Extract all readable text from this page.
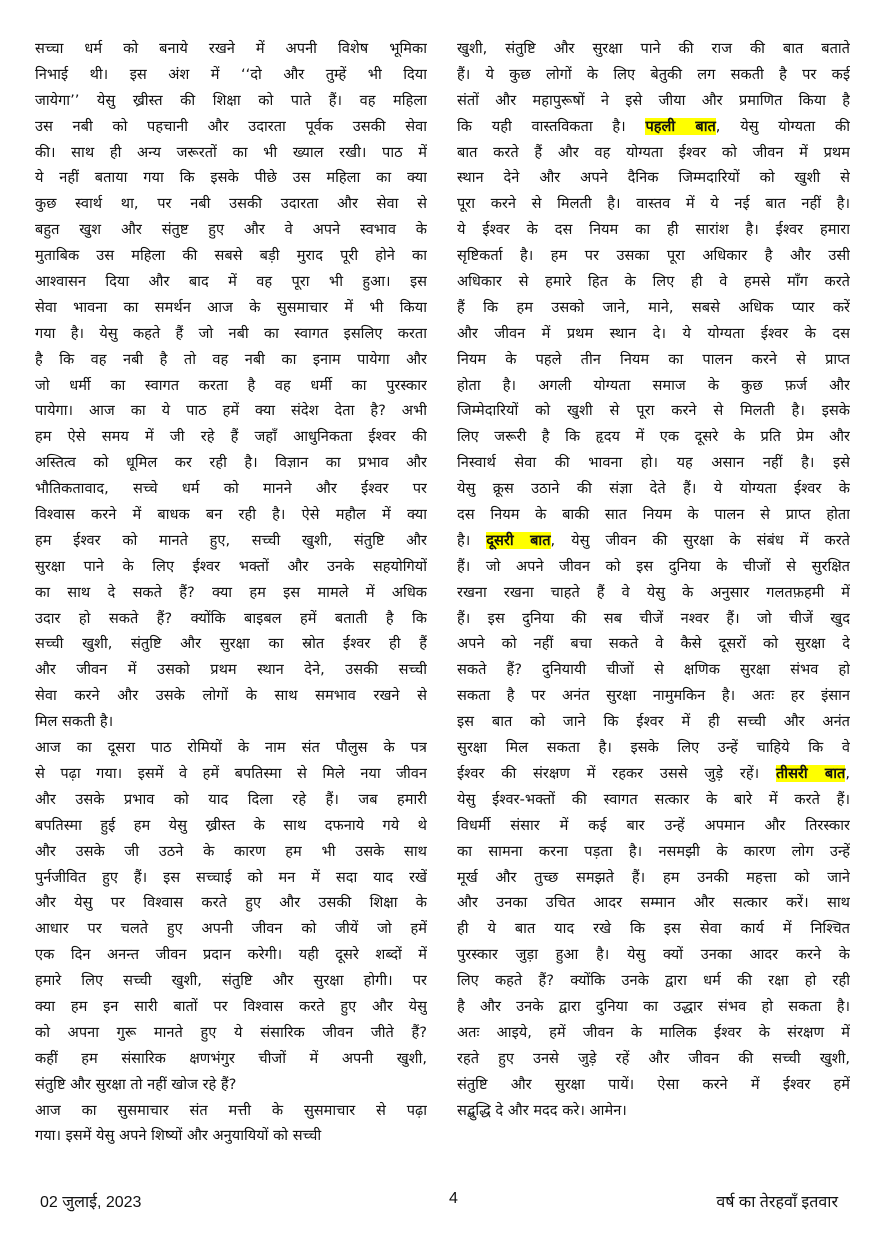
सच्चा धर्म को बनाये रखने में अपनी विशेष भूमिका
निभाई थी। इस अंश में ‘‘दो और तुम्हें भी दिया
जायेगा’’ येसु ख्रीस्त की शिक्षा को पाते हैं। वह महिला
उस नबी को पहचानी और उदारता पूर्वक उसकी सेवा
की। साथ ही अन्य जरूरतों का भी ख्याल रखी। पाठ में
ये नहीं बताया गया कि इसके पीछे उस महिला का क्या
कुछ स्वार्थ था, पर नबी उसकी उदारता और सेवा से
बहुत खुश और संतुष्ट हुए और वे अपने स्वभाव के
मुताबिक उस महिला की सबसे बड़ी मुराद पूरी होने का
आश्वासन दिया और बाद में वह पूरा भी हुआ। इस
सेवा भावना का समर्थन आज के सुसमाचार में भी किया
गया है। येसु कहते हैं जो नबी का स्वागत इसलिए करता
है कि वह नबी है तो वह नबी का इनाम पायेगा और
जो धर्मी का स्वागत करता है वह धर्मी का पुरस्कार
पायेगा। आज का ये पाठ हमें क्या संदेश देता है? अभी
हम ऐसे समय में जी रहे हैं जहाँ आधुनिकता ईश्वर की
अस्तित्व को धूमिल कर रही है। विज्ञान का प्रभाव और
भौतिकतावाद, सच्चे धर्म को मानने और ईश्वर पर
विश्वास करने में बाधक बन रही है। ऐसे महौल में क्या
हम ईश्वर को मानते हुए, सच्ची खुशी, संतुष्टि और
सुरक्षा पाने के लिए ईश्वर भक्तों और उनके सहयोगियों
का साथ दे सकते हैं? क्या हम इस मामले में अधिक
उदार हो सकते हैं? क्योंकि बाइबल हमें बताती है कि
सच्ची खुशी, संतुष्टि और सुरक्षा का स्रोत ईश्वर ही हैं
और जीवन में उसको प्रथम स्थान देने, उसकी सच्ची
सेवा करने और उसके लोगों के साथ समभाव रखने से
मिल सकती है।
आज का दूसरा पाठ रोमियों के नाम संत पौलुस के पत्र
से पढ़ा गया। इसमें वे हमें बपतिस्मा से मिले नया जीवन
और उसके प्रभाव को याद दिला रहे हैं। जब हमारी
बपतिस्मा हुई हम येसु ख्रीस्त के साथ दफनाये गये थे
और उसके जी उठने के कारण हम भी उसके साथ
पुर्नजीवित हुए हैं। इस सच्चाई को मन में सदा याद रखें
और येसु पर विश्वास करते हुए और उसकी शिक्षा के
आधार पर चलते हुए अपनी जीवन को जीयें जो हमें
एक दिन अनन्त जीवन प्रदान करेगी। यही दूसरे शब्दों में
हमारे लिए सच्ची खुशी, संतुष्टि और सुरक्षा होगी। पर
क्या हम इन सारी बातों पर विश्वास करते हुए और येसु
को अपना गुरू मानते हुए ये संसारिक जीवन जीते हैं?
कहीं हम संसारिक क्षणभंगुर चीजों में अपनी खुशी,
संतुष्टि और सुरक्षा तो नहीं खोज रहे हैं?
आज का सुसमाचार संत मत्ती के सुसमाचार से पढ़ा
गया। इसमें येसु अपने शिष्यों और अनुयायियों को सच्ची
खुशी, संतुष्टि और सुरक्षा पाने की राज की बात बताते
हैं। ये कुछ लोगों के लिए बेतुकी लग सकती है पर कई
संतों और महापुरूषों ने इसे जीया और प्रमाणित किया है
कि यही वास्तविकता है। पहली बात, येसु योग्यता की
बात करते हैं और वह योग्यता ईश्वर को जीवन में प्रथम
स्थान देने और अपने दैनिक जिम्मदारियों को खुशी से
पूरा करने से मिलती है। वास्तव में ये नई बात नहीं है।
ये ईश्वर के दस नियम का ही सारांश है। ईश्वर हमारा
सृष्टिकर्ता है। हम पर उसका पूरा अधिकार है और उसी
अधिकार से हमारे हित के लिए ही वे हमसे माँग करते
हैं कि हम उसको जाने, माने, सबसे अधिक प्यार करें
और जीवन में प्रथम स्थान दे। ये योग्यता ईश्वर के दस
नियम के पहले तीन नियम का पालन करने से प्राप्त
होता है। अगली योग्यता समाज के कुछ फ़र्ज और
जिम्मेदारियों को खुशी से पूरा करने से मिलती है। इसके
लिए जरूरी है कि हृदय में एक दूसरे के प्रति प्रेम और
निस्वार्थ सेवा की भावना हो। यह असान नहीं है। इसे
येसु क्रूस उठाने की संज्ञा देते हैं। ये योग्यता ईश्वर के
दस नियम के बाकी सात नियम के पालन से प्राप्त होता
है। दूसरी बात, येसु जीवन की सुरक्षा के संबंध में करते
हैं। जो अपने जीवन को इस दुनिया के चीजों से सुरक्षित
रखना रखना चाहते हैं वे येसु के अनुसार गलतफ़हमी में
हैं। इस दुनिया की सब चीजें नश्वर हैं। जो चीजें खुद
अपने को नहीं बचा सकते वे कैसे दूसरों को सुरक्षा दे
सकते हैं? दुनियायी चीजों से क्षणिक सुरक्षा संभव हो
सकता है पर अनंत सुरक्षा नामुमकिन है। अतः हर इंसान
इस बात को जाने कि ईश्वर में ही सच्ची और अनंत
सुरक्षा मिल सकता है। इसके लिए उन्हें चाहिये कि वे
ईश्वर की संरक्षण में रहकर उससे जुड़े रहें। तीसरी बात,
येसु ईश्वर-भक्तों की स्वागत सत्कार के बारे में करते हैं।
विधर्मी संसार में कई बार उन्हें अपमान और तिरस्कार
का सामना करना पड़ता है। नसमझी के कारण लोग उन्हें
मूर्ख और तुच्छ समझते हैं। हम उनकी महत्ता को जाने
और उनका उचित आदर सम्मान और सत्कार करें। साथ
ही ये बात याद रखे कि इस सेवा कार्य में निश्चित
पुरस्कार जुड़ा हुआ है। येसु क्यों उनका आदर करने के
लिए कहते हैं? क्योंकि उनके द्वारा धर्म की रक्षा हो रही
है और उनके द्वारा दुनिया का उद्धार संभव हो सकता है।
अतः आइये, हमें जीवन के मालिक ईश्वर के संरक्षण में
रहते हुए उनसे जुड़े रहें और जीवन की सच्ची खुशी,
संतुष्टि और सुरक्षा पायें। ऐसा करने में ईश्वर हमें
सद्बुद्धि दे और मदद करे। आमेन।
02 जुलाई, 2023	4	वर्ष का तेरहवाँ इतवार
